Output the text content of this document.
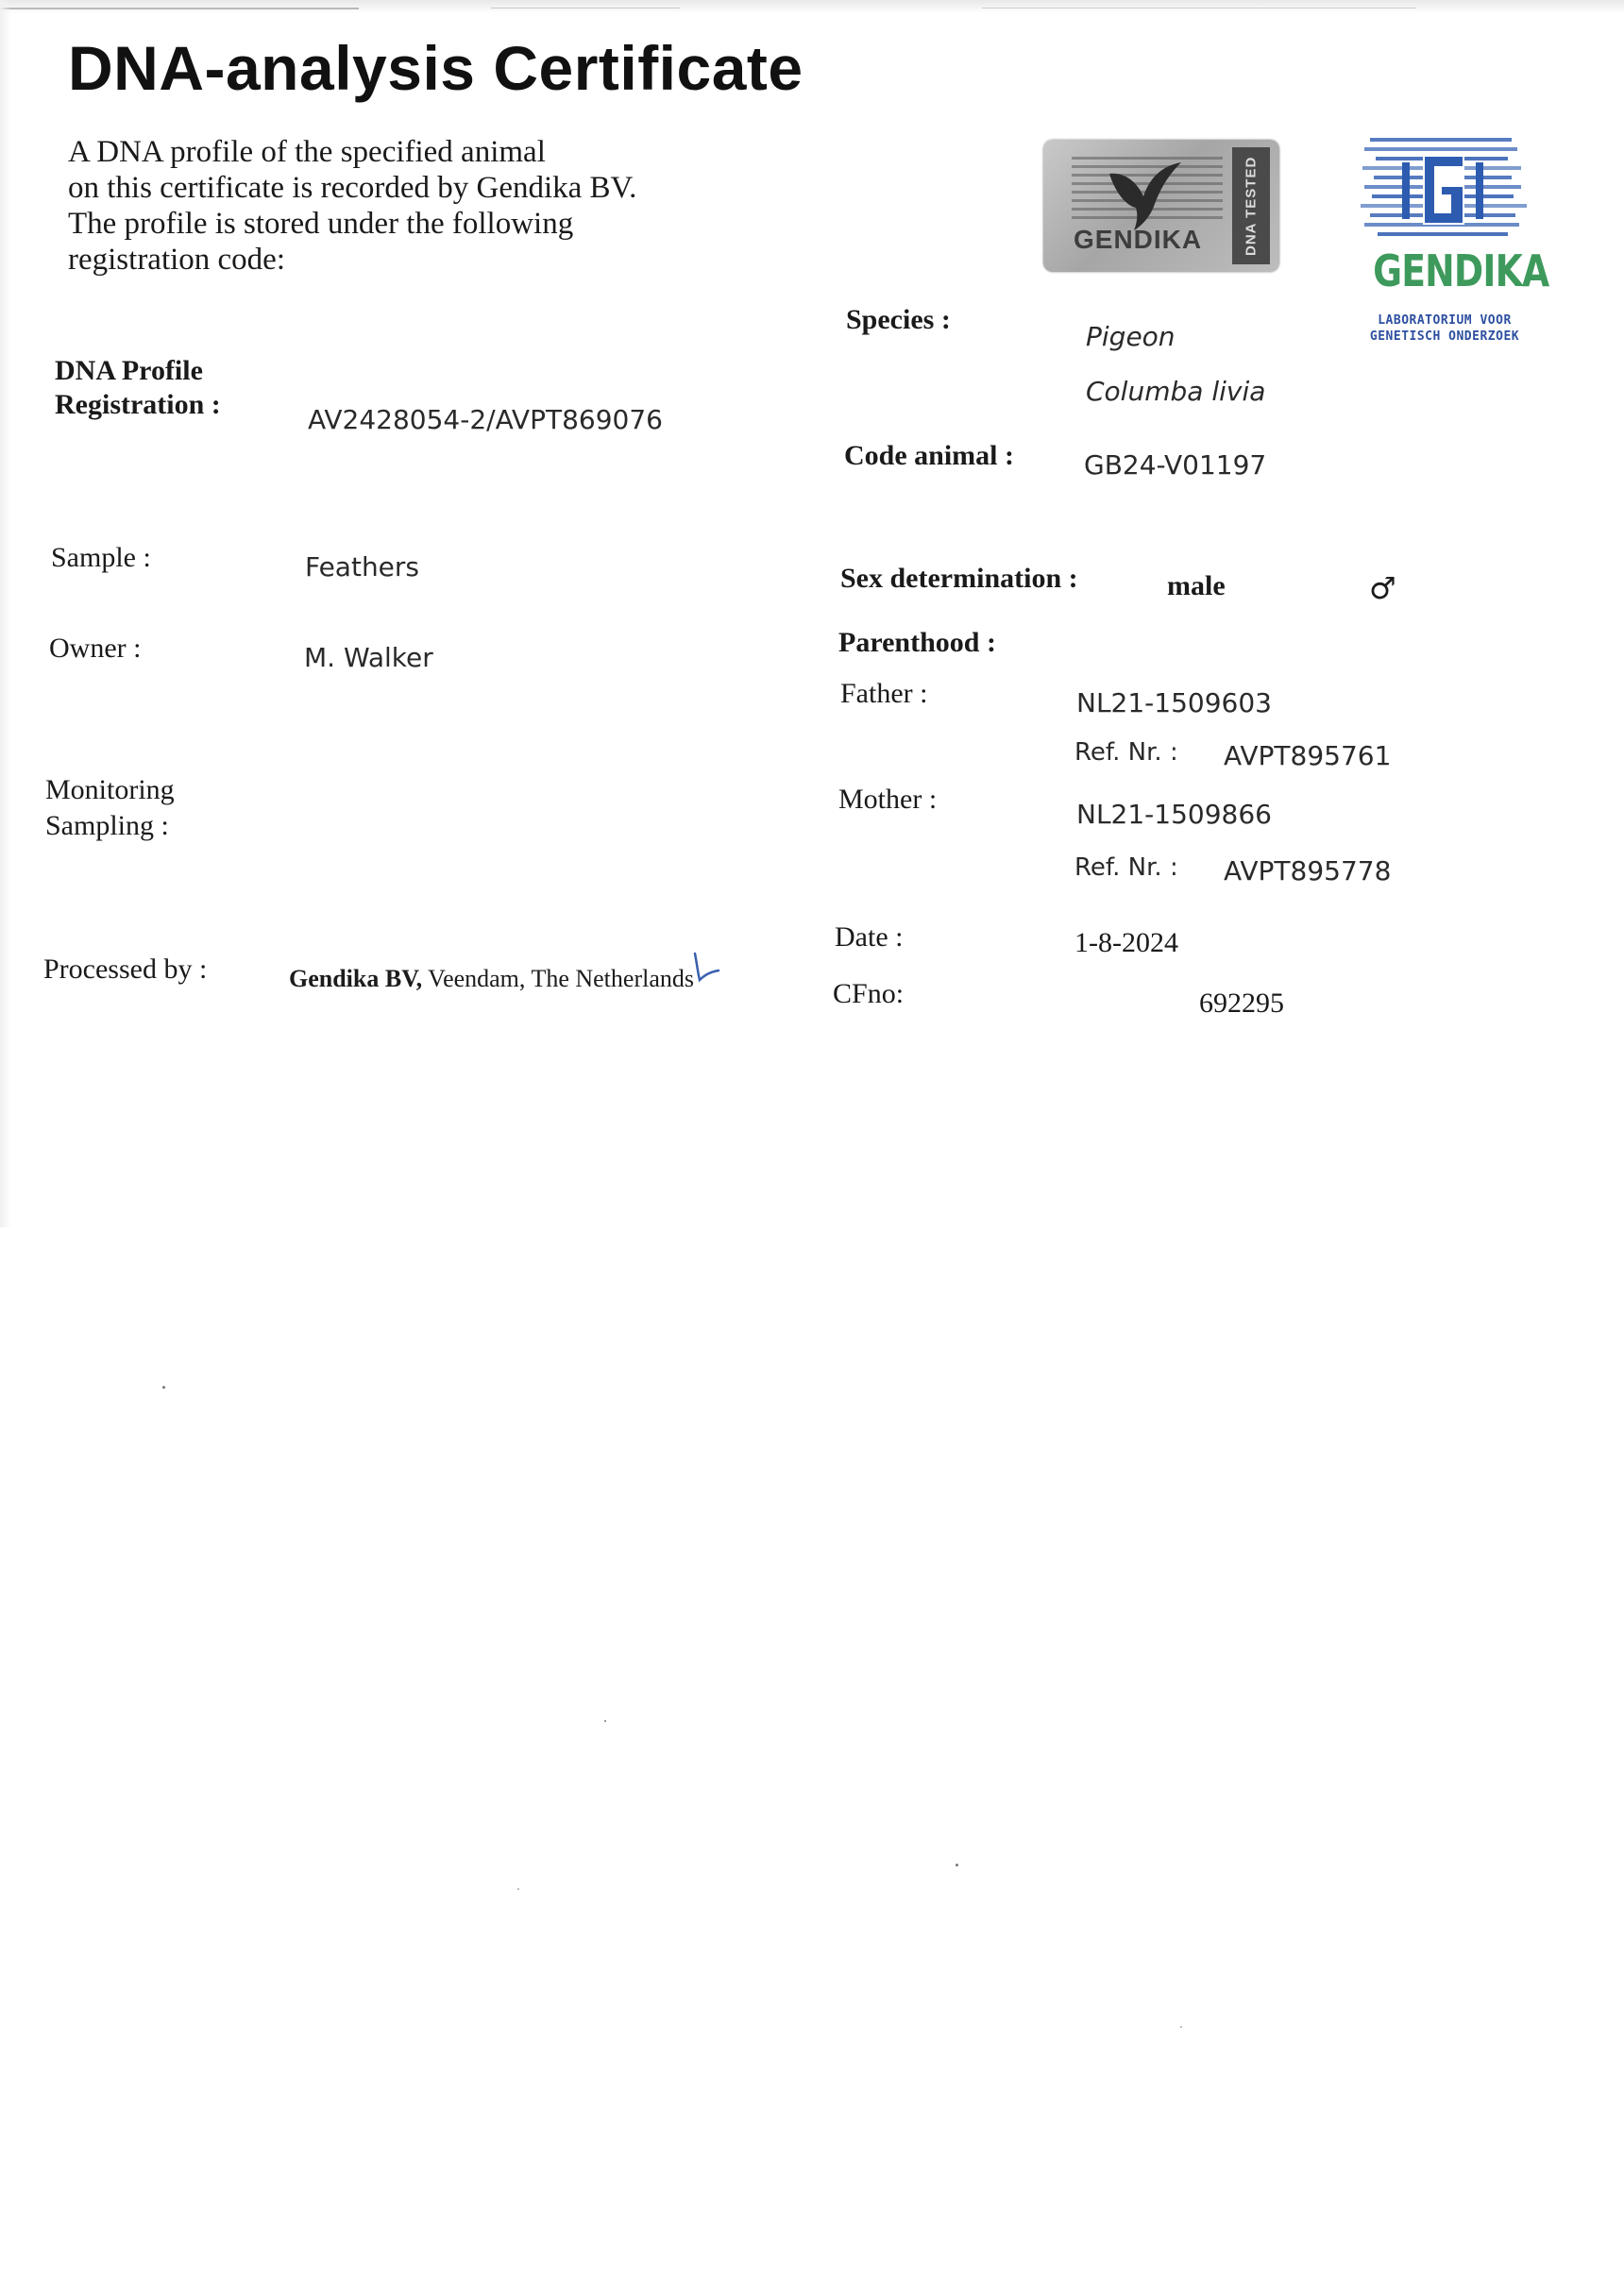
DNA-analysis Certificate
A DNA profile of the specified animal
on this certificate is recorded by Gendika BV.
The profile is stored under the following
registration code:
GENDIKA	DNA TESTED
GENDIKA
LABORATORIUM VOOR
GENETISCH ONDERZOEK
DNA Profile
Registration :	AV2428054-2/AVPT869076
Sample :	Feathers
Owner :	M. Walker
Monitoring
Sampling :
Processed by :	Gendika BV, Veendam, The Netherlands
Species :
Pigeon
Columba livia
Code animal :	GB24-V01197
Sex determination :	male	♂
Parenthood :
Father :	NL21-1509603
Ref. Nr. : AVPT895761
Mother :	NL21-1509866
Ref. Nr. : AVPT895778
Date :	1-8-2024
CFno:	692295
